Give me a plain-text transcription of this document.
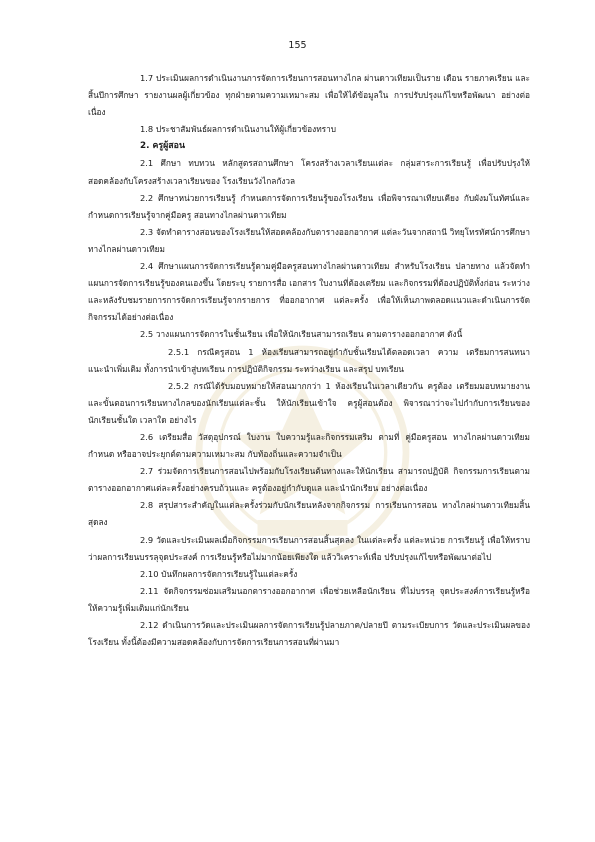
155

1.7 ประเมินผลการดำเนินงานการจัดการเรียนการสอนทางไกล ผ่านดาวเทียมเป็นราย เดือน รายภาคเรียน และสิ้นปีการศึกษา รายงานผลผู้เกี่ยวข้อง ทุกฝ่ายตามความเหมาะสม เพื่อให้ได้ข้อมูลใน การปรับปรุงแก้ไขหรือพัฒนา อย่างต่อเนื่อง

1.8 ประชาสัมพันธ์ผลการดำเนินงานให้ผู้เกี่ยวข้องทราบ

2. ครูผู้สอน

2.1 ศึกษา ทบทวน หลักสูตรสถานศึกษา โครงสร้างเวลาเรียนแต่ละ กลุ่มสาระการเรียนรู้ เพื่อปรับปรุงให้สอดคล้องกับโครงสร้างเวลาเรียนของ โรงเรียนวังไกลกังวล

2.2 ศึกษาหน่วยการเรียนรู้ กำหนดการจัดการเรียนรู้ของโรงเรียน เพื่อพิจารณาเทียบเคียง กับผังมโนทัศน์และกำหนดการเรียนรู้จากคู่มือครู สอนทางไกลผ่านดาวเทียม

2.3 จัดทำตารางสอนของโรงเรียนให้สอดคล้องกับตารางออกอากาศ แต่ละวันจากสถานี วิทยุโทรทัศน์การศึกษาทางไกลผ่านดาวเทียม

2.4 ศึกษาแผนการจัดการเรียนรู้ตามคู่มือครูสอนทางไกลผ่านดาวเทียม สำหรับโรงเรียน ปลายทาง แล้วจัดทำแผนการจัดการเรียนรู้ของตนเองขึ้น โดยระบุ รายการสื่อ เอกสาร ใบงานที่ต้องเตรียม และกิจกรรมที่ต้องปฏิบัติทั้งก่อน ระหว่าง และหลังรับชมรายการการจัดการเรียนรู้จากรายการ ที่ออกอากาศ แต่ละครั้ง เพื่อให้เห็นภาพตลอดแนวและดำเนินการจัดกิจกรรมได้อย่างต่อเนื่อง

2.5 วางแผนการจัดการในชั้นเรียน เพื่อให้นักเรียนสามารถเรียน ตามตารางออกอากาศ ดังนี้

2.5.1 กรณีครูสอน 1 ห้องเรียนสามารถอยู่กำกับชั้นเรียนได้ตลอดเวลา ความ เตรียมการสนทนา แนะนำเพิ่มเติม ทั้งการนำเข้าสู่บทเรียน การปฏิบัติกิจกรรม ระหว่างเรียน และสรุป บทเรียน

2.5.2 กรณีได้รับมอบหมายให้สอนมากกว่า 1 ห้องเรียนในเวลาเดียวกัน ครูต้อง เตรียมมอบหมายงานและขั้นตอนการเรียนทางไกลของนักเรียนแต่ละชั้น ให้นักเรียนเข้าใจ ครูผู้สอนต้อง พิจารณาว่าจะไปกำกับการเรียนของนักเรียนชั้นใด เวลาใด อย่างไร

2.6 เตรียมสื่อ วัสดุอุปกรณ์ ใบงาน ใบความรู้และกิจกรรมเสริม ตามที่ คู่มือครูสอน ทางไกลผ่านดาวเทียมกำหนด หรืออาจประยุกต์ตามความเหมาะสม กับท้องถิ่นและความจำเป็น

2.7 ร่วมจัดการเรียนการสอนไปพร้อมกับโรงเรียนต้นทางและให้นักเรียน สามารถปฏิบัติ กิจกรรมการเรียนตามตารางออกอากาศแต่ละครั้งอย่างครบถ้วนและ ครูต้องอยู่กำกับดูแล และนำนักเรียน อย่างต่อเนื่อง

2.8 สรุปสาระสำคัญในแต่ละครั้งร่วมกับนักเรียนหลังจากกิจกรรม การเรียนการสอน ทางไกลผ่านดาวเทียมสิ้นสุดลง

2.9 วัดและประเมินผลเมื่อกิจกรรมการเรียนการสอนสิ้นสุดลง ในแต่ละครั้ง แต่ละหน่วย การเรียนรู้ เพื่อให้ทราบว่าผลการเรียนบรรลุจุดประสงค์ การเรียนรู้หรือไม่มากน้อยเพียงใด แล้ววิเคราะห์เพื่อ ปรับปรุงแก้ไขหรือพัฒนาต่อไป

2.10 บันทึกผลการจัดการเรียนรู้ในแต่ละครั้ง

2.11 จัดกิจกรรมซ่อมเสริมนอกตารางออกอากาศ เพื่อช่วยเหลือนักเรียน ที่ไม่บรรลุ จุดประสงค์การเรียนรู้หรือให้ความรู้เพิ่มเติมแก่นักเรียน

2.12 ดำเนินการวัดและประเมินผลการจัดการเรียนรู้ปลายภาค/ปลายปี ตามระเบียบการ วัดและประเมินผลของโรงเรียน ทั้งนี้ต้องมีความสอดคล้องกับการจัดการเรียนการสอนที่ผ่านมา
